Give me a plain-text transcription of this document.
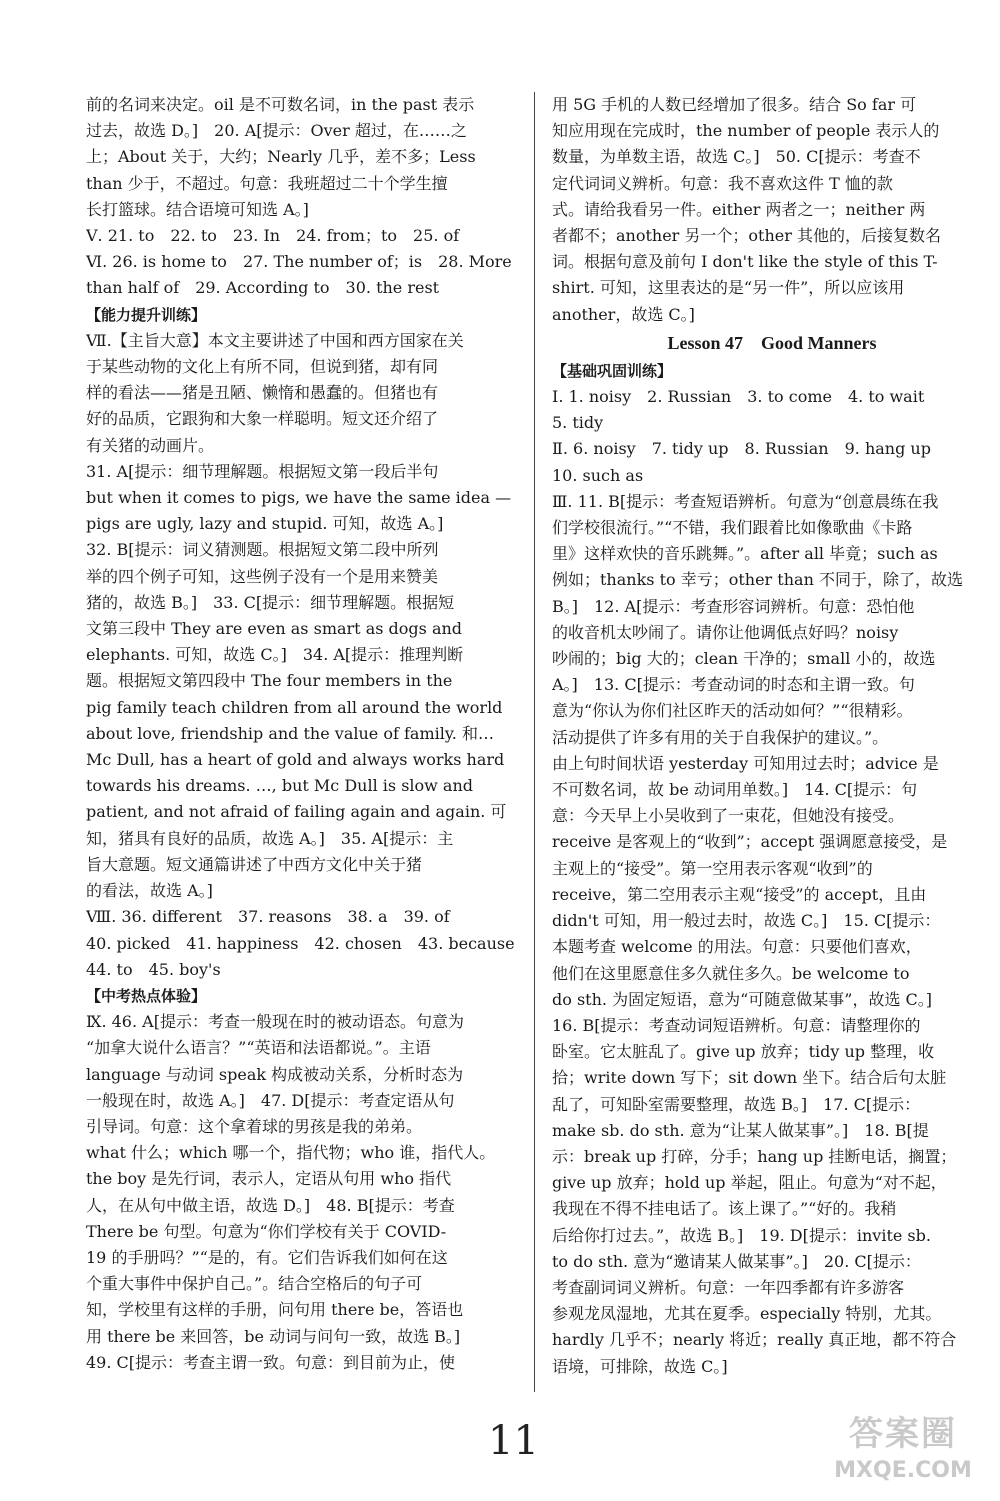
前的名词来决定。oil 是不可数名词，in the past 表示
过去，故选 D。]　20. A[提示：Over 超过，在……之
上；About 关于，大约；Nearly 几乎，差不多；Less
than 少于，不超过。句意：我班超过二十个学生擅
长打篮球。结合语境可知选 A。]
Ⅴ. 21. to　22. to　23. In　24. from；to　25. of
Ⅵ. 26. is home to　27. The number of；is　28. More
than half of　29. According to　30. the rest
【能力提升训练】
Ⅶ.【主旨大意】本文主要讲述了中国和西方国家在关
于某些动物的文化上有所不同，但说到猪，却有同
样的看法——猪是丑陋、懒惰和愚蠢的。但猪也有
好的品质，它跟狗和大象一样聪明。短文还介绍了
有关猪的动画片。
31. A[提示：细节理解题。根据短文第一段后半句
but when it comes to pigs, we have the same idea —
pigs are ugly, lazy and stupid. 可知，故选 A。]
32. B[提示：词义猜测题。根据短文第二段中所列
举的四个例子可知，这些例子没有一个是用来赞美
猪的，故选 B。]　33. C[提示：细节理解题。根据短
文第三段中 They are even as smart as dogs and
elephants. 可知，故选 C。]　34. A[提示：推理判断
题。根据短文第四段中 The four members in the
pig family teach children from all around the world
about love, friendship and the value of family. 和…
Mc Dull, has a heart of gold and always works hard
towards his dreams. …, but Mc Dull is slow and
patient, and not afraid of failing again and again. 可
知，猪具有良好的品质，故选 A。]　35. A[提示：主
旨大意题。短文通篇讲述了中西方文化中关于猪
的看法，故选 A。]
Ⅷ. 36. different　37. reasons　38. a　39. of
40. picked　41. happiness　42. chosen　43. because
44. to　45. boy's
【中考热点体验】
Ⅸ. 46. A[提示：考查一般现在时的被动语态。句意为
“加拿大说什么语言？”“英语和法语都说。”。主语
language 与动词 speak 构成被动关系，分析时态为
一般现在时，故选 A。]　47. D[提示：考查定语从句
引导词。句意：这个拿着球的男孩是我的弟弟。
what 什么；which 哪一个，指代物；who 谁，指代人。
the boy 是先行词，表示人，定语从句用 who 指代
人，在从句中做主语，故选 D。]　48. B[提示：考查
There be 句型。句意为“你们学校有关于 COVID-
19 的手册吗？”“是的，有。它们告诉我们如何在这
个重大事件中保护自己。”。结合空格后的句子可
知，学校里有这样的手册，问句用 there be，答语也
用 there be 来回答，be 动词与问句一致，故选 B。]
49. C[提示：考查主谓一致。句意：到目前为止，使
用 5G 手机的人数已经增加了很多。结合 So far 可
知应用现在完成时，the number of people 表示人的
数量，为单数主语，故选 C。]　50. C[提示：考查不
定代词词义辨析。句意：我不喜欢这件 T 恤的款
式。请给我看另一件。either 两者之一；neither 两
者都不；another 另一个；other 其他的，后接复数名
词。根据句意及前句 I don't like the style of this T-
shirt. 可知，这里表达的是“另一件”，所以应该用
another，故选 C。]
Lesson 47　Good Manners
【基础巩固训练】
Ⅰ. 1. noisy　2. Russian　3. to come　4. to wait
5. tidy
Ⅱ. 6. noisy　7. tidy up　8. Russian　9. hang up
10. such as
Ⅲ. 11. B[提示：考查短语辨析。句意为“创意晨练在我
们学校很流行。”“不错，我们跟着比如像歌曲《卡路
里》这样欢快的音乐跳舞。”。after all 毕竟；such as
例如；thanks to 幸亏；other than 不同于，除了，故选
B。]　12. A[提示：考查形容词辨析。句意：恐怕他
的收音机太吵闹了。请你让他调低点好吗？noisy
吵闹的；big 大的；clean 干净的；small 小的，故选
A。]　13. C[提示：考查动词的时态和主谓一致。句
意为“你认为你们社区昨天的活动如何？”“很精彩。
活动提供了许多有用的关于自我保护的建议。”。
由上句时间状语 yesterday 可知用过去时；advice 是
不可数名词，故 be 动词用单数。]　14. C[提示：句
意：今天早上小吴收到了一束花，但她没有接受。
receive 是客观上的“收到”；accept 强调愿意接受，是
主观上的“接受”。第一空用表示客观“收到”的
receive，第二空用表示主观“接受”的 accept，且由
didn't 可知，用一般过去时，故选 C。]　15. C[提示：
本题考查 welcome 的用法。句意：只要他们喜欢，
他们在这里愿意住多久就住多久。be welcome to
do sth. 为固定短语，意为“可随意做某事”，故选 C。]
16. B[提示：考查动词短语辨析。句意：请整理你的
卧室。它太脏乱了。give up 放弃；tidy up 整理，收
拾；write down 写下；sit down 坐下。结合后句太脏
乱了，可知卧室需要整理，故选 B。]　17. C[提示：
make sb. do sth. 意为“让某人做某事”。]　18. B[提
示：break up 打碎，分手；hang up 挂断电话，搁置；
give up 放弃；hold up 举起，阻止。句意为“对不起，
我现在不得不挂电话了。该上课了。”“好的。我稍
后给你打过去。”，故选 B。]　19. D[提示：invite sb.
to do sth. 意为“邀请某人做某事”。]　20. C[提示：
考查副词词义辨析。句意：一年四季都有许多游客
参观龙凤湿地，尤其在夏季。especially 特别，尤其。
hardly 几乎不；nearly 将近；really 真正地，都不符合
语境，可排除，故选 C。]
11	答案圈
MXQE.COM
